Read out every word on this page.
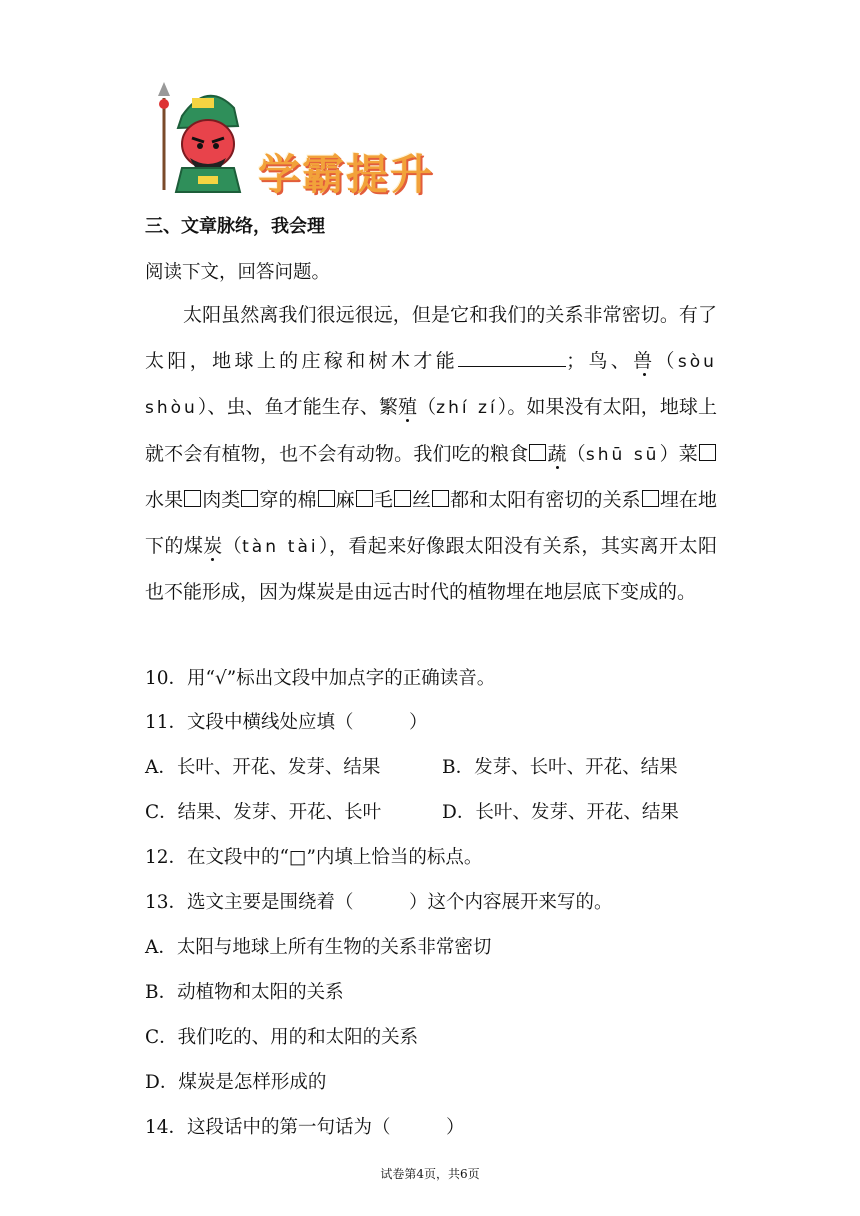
学霸提升
三、文章脉络，我会理
阅读下文，回答问题。
太阳虽然离我们很远很远，但是它和我们的关系非常密切。有了太阳，地球上的庄稼和树木才能	；鸟、兽（sòu shòu）、虫、鱼才能生存、繁殖（zhí zí）。如果没有太阳，地球上就不会有植物，也不会有动物。我们吃的粮食 蔬（shū sū）菜水果 肉类 穿的棉 麻 毛 丝 都和太阳有密切的关系 埋在地下的煤炭（tàn tài），看起来好像跟太阳没有关系，其实离开太阳也不能形成，因为煤炭是由远古时代的植物埋在地层底下变成的。
10．用“√”标出文段中加点字的正确读音。
11．文段中横线处应填（　　　）
A．长叶、开花、发芽、结果	B．发芽、长叶、开花、结果
C．结果、发芽、开花、长叶	D．长叶、发芽、开花、结果
12．在文段中的“□”内填上恰当的标点。
13．选文主要是围绕着（　　　）这个内容展开来写的。
A．太阳与地球上所有生物的关系非常密切
B．动植物和太阳的关系
C．我们吃的、用的和太阳的关系
D．煤炭是怎样形成的
14．这段话中的第一句话为（　　　）
试卷第4页，共6页
